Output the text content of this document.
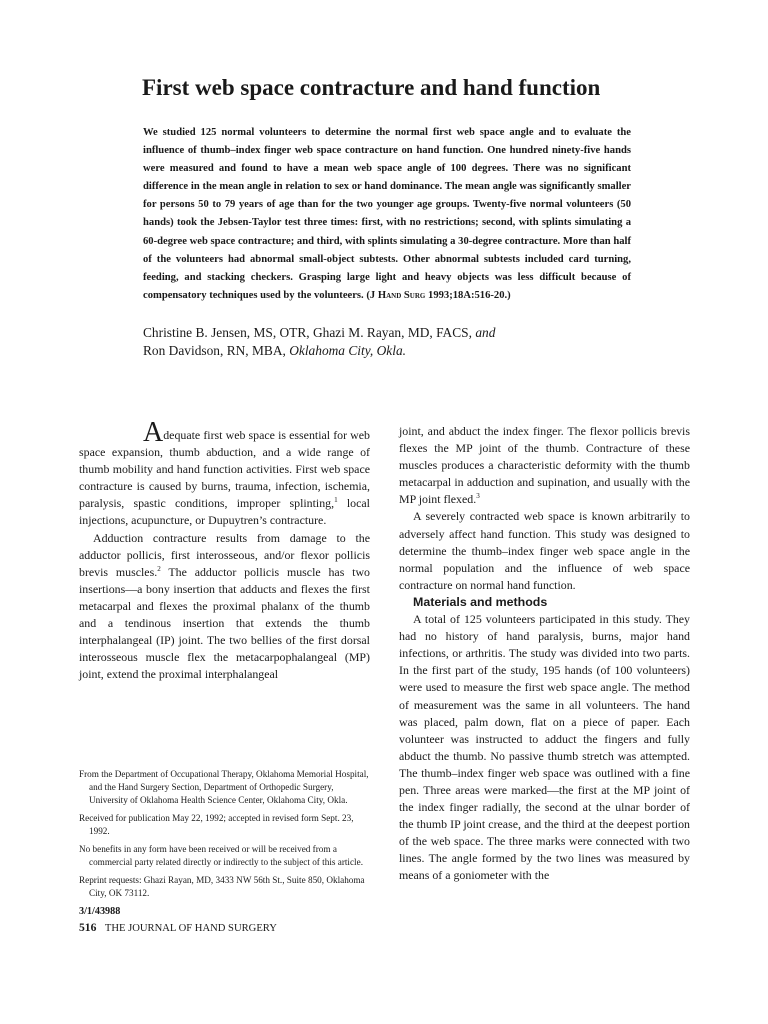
First web space contracture and hand function

We studied 125 normal volunteers to determine the normal first web space angle and to evaluate the influence of thumb–index finger web space contracture on hand function. One hundred ninety-five hands were measured and found to have a mean web space angle of 100 degrees. There was no significant difference in the mean angle in relation to sex or hand dominance. The mean angle was significantly smaller for persons 50 to 79 years of age than for the two younger age groups. Twenty-five normal volunteers (50 hands) took the Jebsen-Taylor test three times: first, with no restrictions; second, with splints simulating a 60-degree web space contracture; and third, with splints simulating a 30-degree contracture. More than half of the volunteers had abnormal small-object subtests. Other abnormal subtests included card turning, feeding, and stacking checkers. Grasping large light and heavy objects was less difficult because of compensatory techniques used by the volunteers. (J Hand Surg 1993;18A:516-20.)

Christine B. Jensen, MS, OTR, Ghazi M. Rayan, MD, FACS, and
Ron Davidson, RN, MBA, Oklahoma City, Okla.

Adequate first web space is essential for web space expansion, thumb abduction, and a wide range of thumb mobility and hand function activities. First web space contracture is caused by burns, trauma, infection, ischemia, paralysis, spastic conditions, improper splinting,$^1$ local injections, acupuncture, or Dupuytren’s contracture.

Adduction contracture results from damage to the adductor pollicis, first interosseous, and/or flexor pollicis brevis muscles.$^2$ The adductor pollicis muscle has two insertions—a bony insertion that adducts and flexes the first metacarpal and flexes the proximal phalanx of the thumb and a tendinous insertion that extends the thumb interphalangeal (IP) joint. The two bellies of the first dorsal interosseous muscle flex the metacarpophalangeal (MP) joint, extend the proximal interphalangeal

From the Department of Occupational Therapy, Oklahoma Memorial Hospital, and the Hand Surgery Section, Department of Orthopedic Surgery, University of Oklahoma Health Science Center, Oklahoma City, Okla.

Received for publication May 22, 1992; accepted in revised form Sept. 23, 1992.

No benefits in any form have been received or will be received from a commercial party related directly or indirectly to the subject of this article.

Reprint requests: Ghazi Rayan, MD, 3433 NW 56th St., Suite 850, Oklahoma City, OK 73112.

3/1/43988

joint, and abduct the index finger. The flexor pollicis brevis flexes the MP joint of the thumb. Contracture of these muscles produces a characteristic deformity with the thumb metacarpal in adduction and supination, and usually with the MP joint flexed.$^3$

A severely contracted web space is known arbitrarily to adversely affect hand function. This study was designed to determine the thumb–index finger web space angle in the normal population and the influence of web space contracture on normal hand function.

Materials and methods

A total of 125 volunteers participated in this study. They had no history of hand paralysis, burns, major hand infections, or arthritis. The study was divided into two parts. In the first part of the study, 195 hands (of 100 volunteers) were used to measure the first web space angle. The method of measurement was the same in all volunteers. The hand was placed, palm down, flat on a piece of paper. Each volunteer was instructed to adduct the fingers and fully abduct the thumb. No passive thumb stretch was attempted. The thumb–index finger web space was outlined with a fine pen. Three areas were marked—the first at the MP joint of the index finger radially, the second at the ulnar border of the thumb IP joint crease, and the third at the deepest portion of the web space. The three marks were connected with two lines. The angle formed by the two lines was measured by means of a goniometer with the

516 THE JOURNAL OF HAND SURGERY
